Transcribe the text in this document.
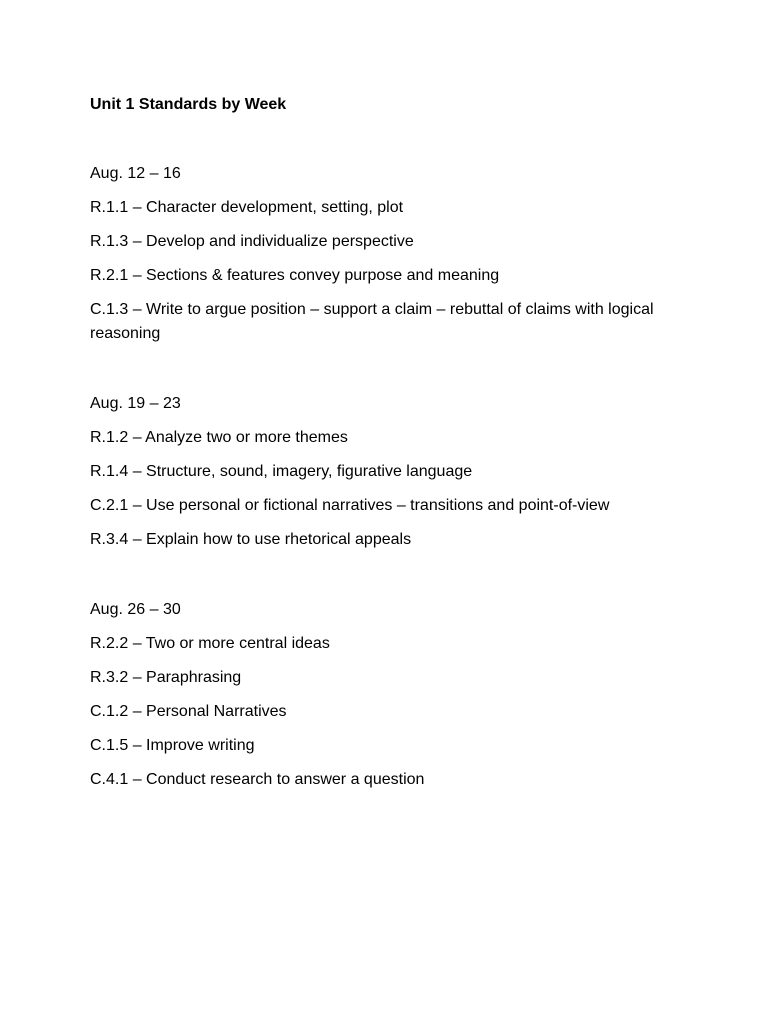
Unit 1 Standards by Week

Aug. 12 – 16

R.1.1 – Character development, setting, plot

R.1.3 – Develop and individualize perspective

R.2.1 – Sections & features convey purpose and meaning

C.1.3 – Write to argue position – support a claim – rebuttal of claims with logical reasoning

Aug. 19 – 23

R.1.2 – Analyze two or more themes

R.1.4 – Structure, sound, imagery, figurative language

C.2.1 – Use personal or fictional narratives – transitions and point-of-view

R.3.4 – Explain how to use rhetorical appeals

Aug. 26 – 30

R.2.2 – Two or more central ideas

R.3.2 – Paraphrasing

C.1.2 – Personal Narratives

C.1.5 – Improve writing

C.4.1 – Conduct research to answer a question
